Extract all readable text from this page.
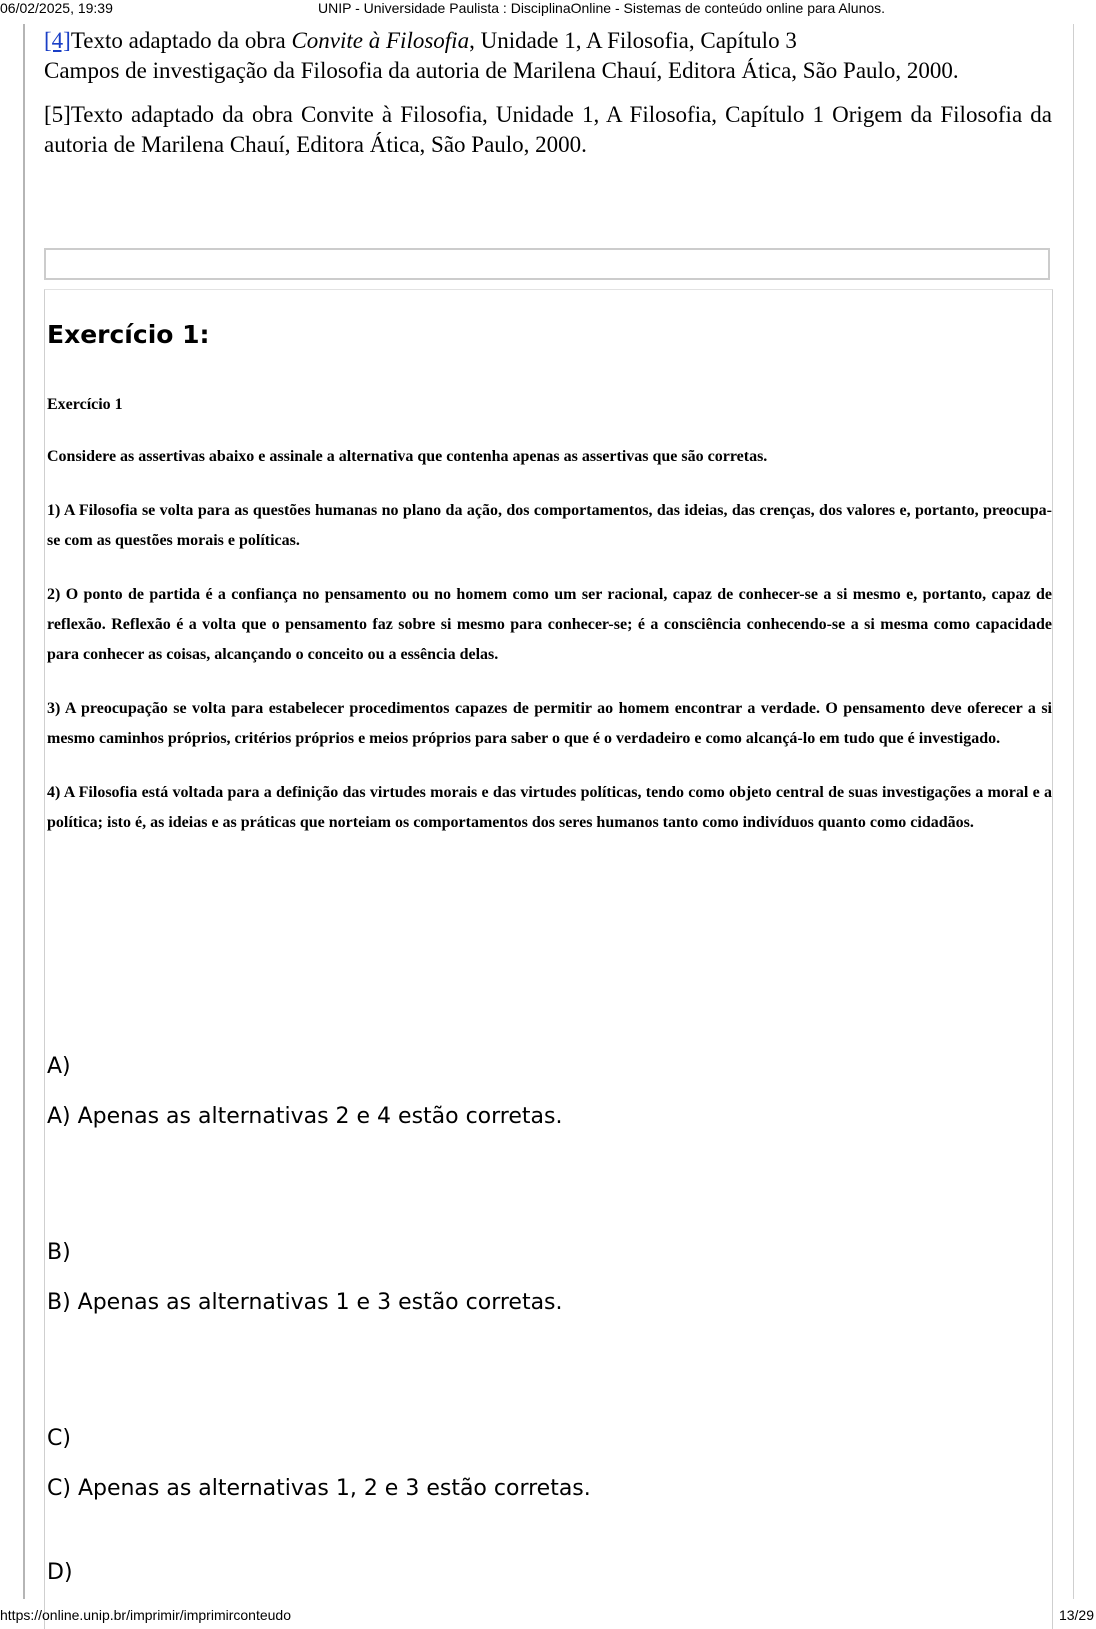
06/02/2025, 19:39	UNIP - Universidade Paulista : DisciplinaOnline - Sistemas de conteúdo online para Alunos.

[4]Texto adaptado da obra Convite à Filosofia, Unidade 1, A Filosofia, Capítulo 3
Campos de investigação da Filosofia da autoria de Marilena Chauí, Editora Ática, São Paulo, 2000.

[5]Texto adaptado da obra Convite à Filosofia, Unidade 1, A Filosofia, Capítulo 1 Origem da Filosofia da autoria de Marilena Chauí, Editora Ática, São Paulo, 2000.

Exercício 1:

Exercício 1

Considere as assertivas abaixo e assinale a alternativa que contenha apenas as assertivas que são corretas.

1) A Filosofia se volta para as questões humanas no plano da ação, dos comportamentos, das ideias, das crenças, dos valores e, portanto, preocupa-se com as questões morais e políticas.

2) O ponto de partida é a confiança no pensamento ou no homem como um ser racional, capaz de conhecer-se a si mesmo e, portanto, capaz de reflexão. Reflexão é a volta que o pensamento faz sobre si mesmo para conhecer-se; é a consciência conhecendo-se a si mesma como capacidade para conhecer as coisas, alcançando o conceito ou a essência delas.

3) A preocupação se volta para estabelecer procedimentos capazes de permitir ao homem encontrar a verdade. O pensamento deve oferecer a si mesmo caminhos próprios, critérios próprios e meios próprios para saber o que é o verdadeiro e como alcançá-lo em tudo que é investigado.

4) A Filosofia está voltada para a definição das virtudes morais e das virtudes políticas, tendo como objeto central de suas investigações a moral e a política; isto é, as ideias e as práticas que norteiam os comportamentos dos seres humanos tanto como indivíduos quanto como cidadãos.

A)
A) Apenas as alternativas 2 e 4 estão corretas.
B)
B) Apenas as alternativas 1 e 3 estão corretas.
C)
C) Apenas as alternativas 1, 2 e 3 estão corretas.
D)
https://online.unip.br/imprimir/imprimirconteudo	13/29
